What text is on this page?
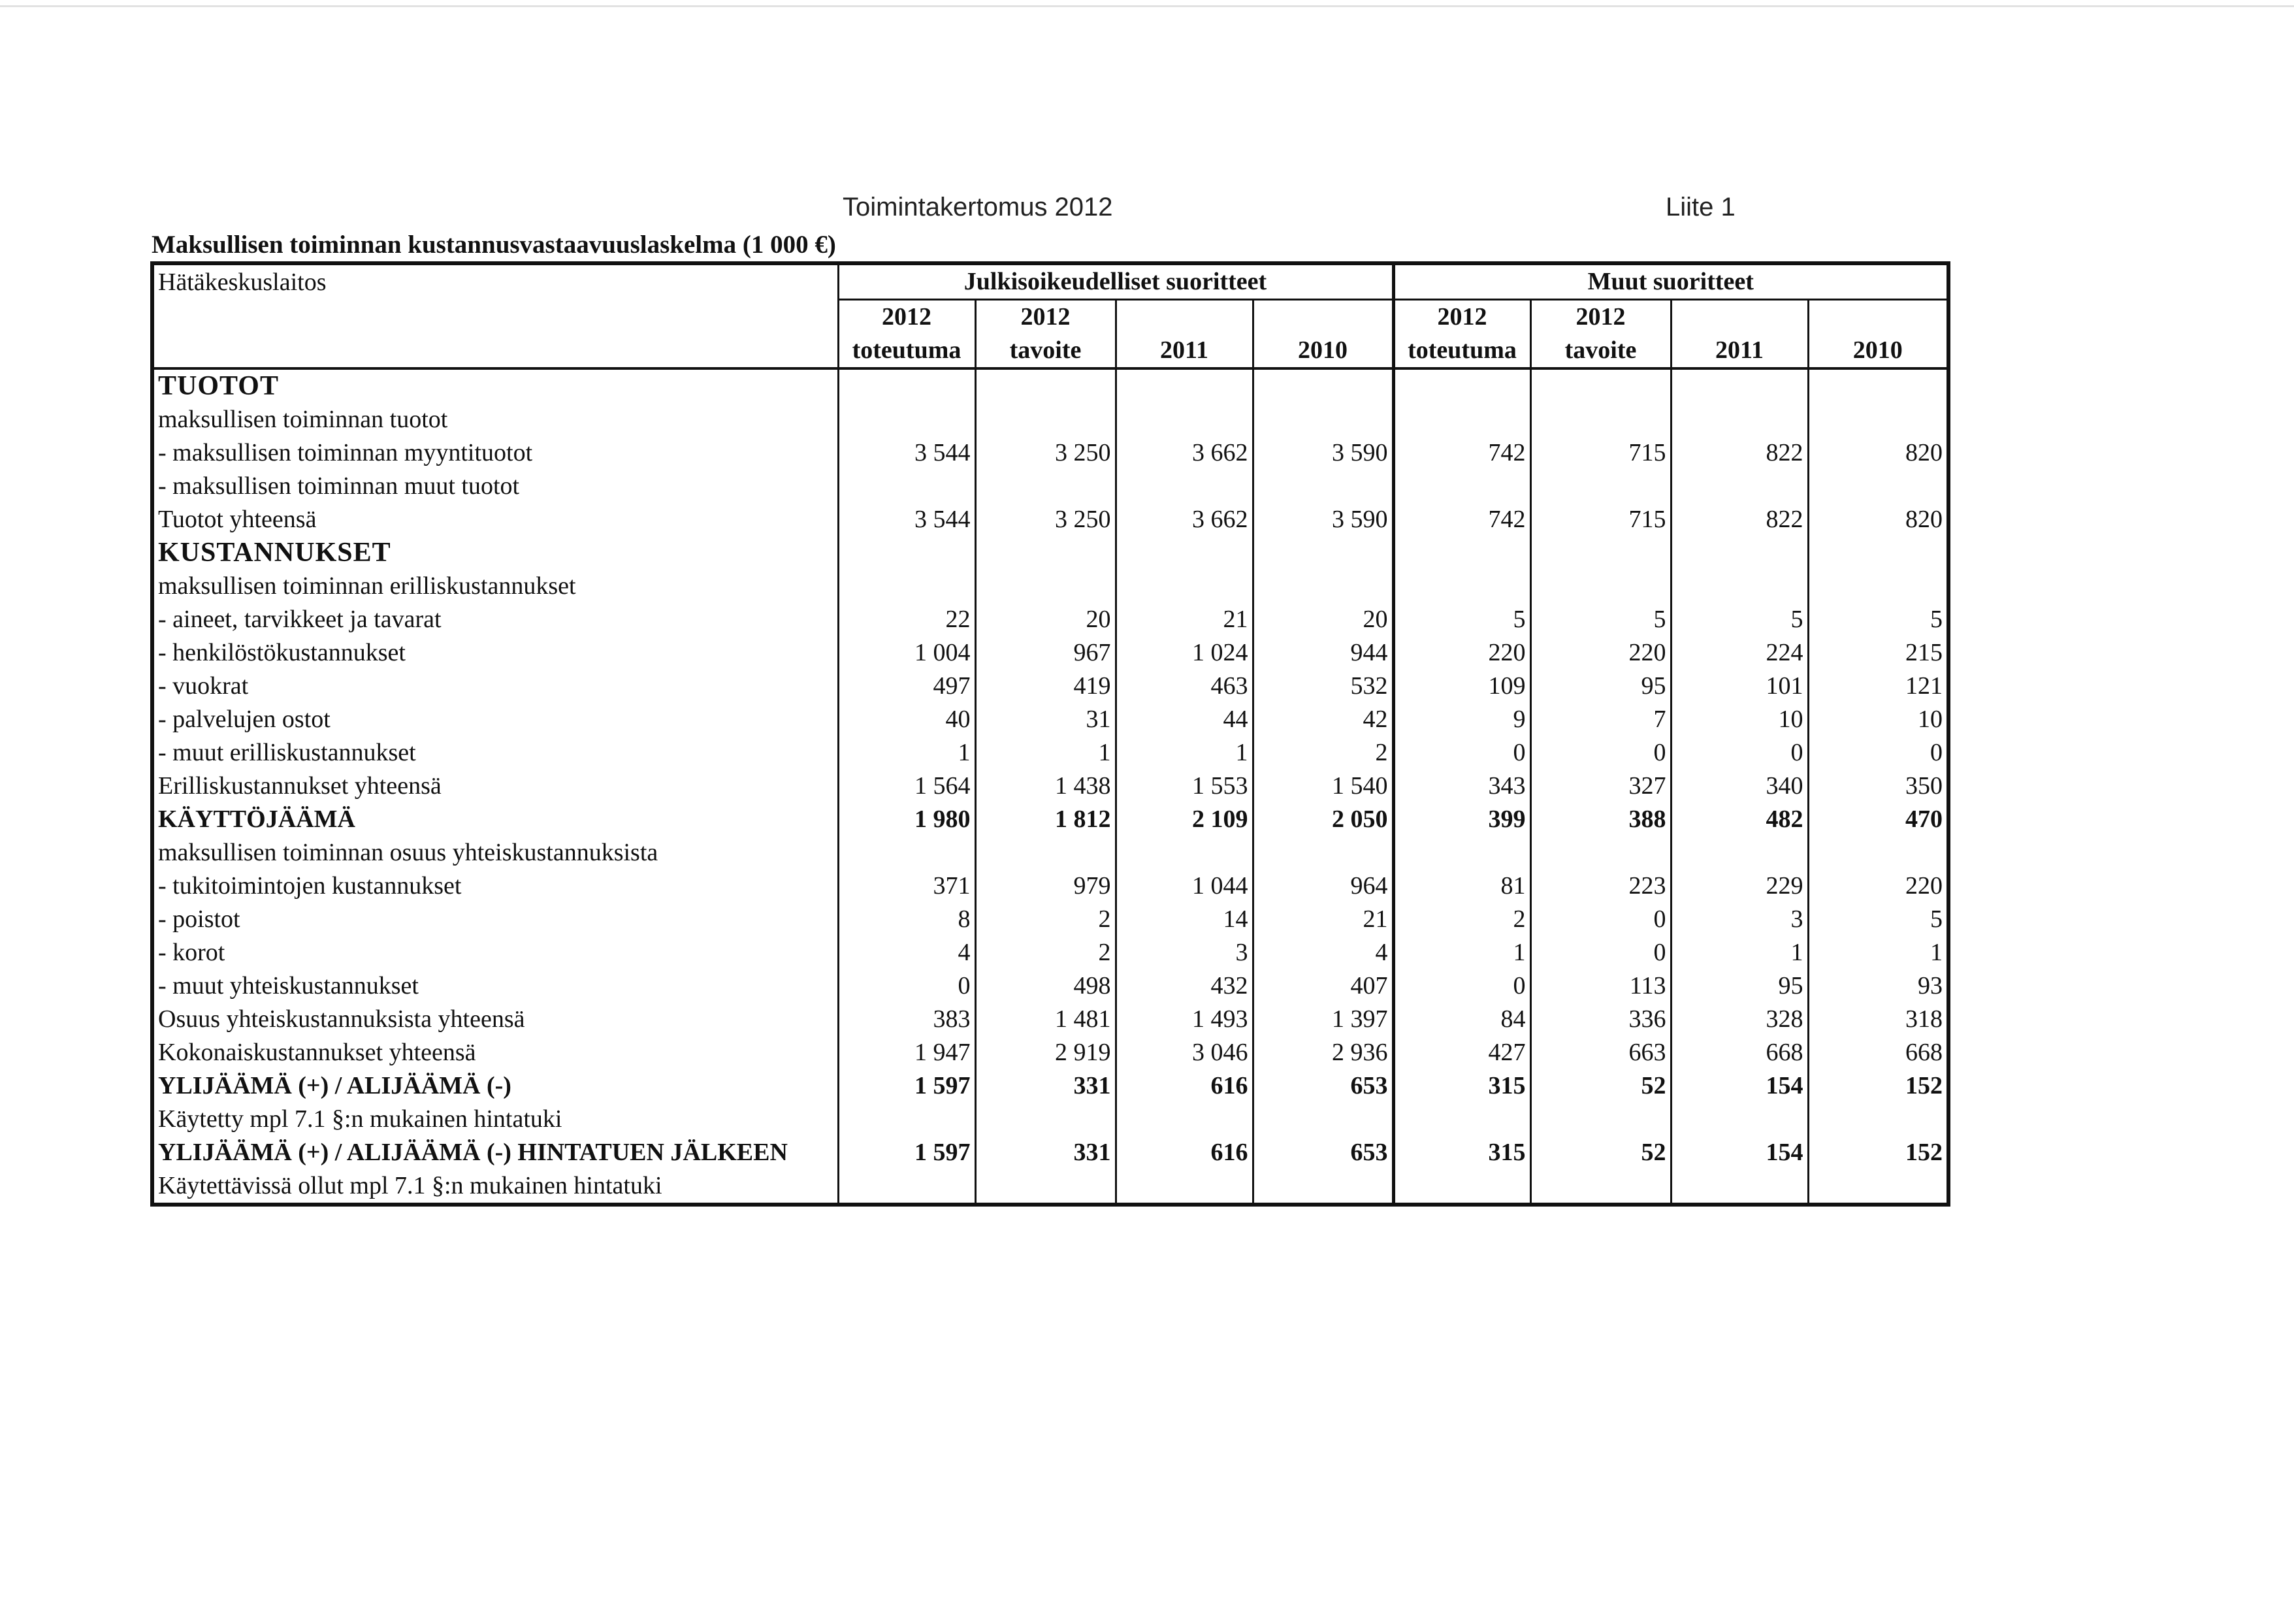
Toimintakertomus 2012	Liite 1
Maksullisen toiminnan kustannusvastaavuuslaskelma (1 000 €)
Hätäkeskuslaitos	Julkisoikeudelliset suoritteet				Muut suoritteet			
	2012	2012			2012	2012		
	toteutuma	tavoite	2011	2010	toteutuma	tavoite	2011	2010
TUOTOT								
maksullisen toiminnan tuotot								
- maksullisen toiminnan myyntituotot	3 544	3 250	3 662	3 590	742	715	822	820
- maksullisen toiminnan muut tuotot								
Tuotot yhteensä	3 544	3 250	3 662	3 590	742	715	822	820
KUSTANNUKSET								
maksullisen toiminnan erilliskustannukset								
- aineet, tarvikkeet ja tavarat	22	20	21	20	5	5	5	5
- henkilöstökustannukset	1 004	967	1 024	944	220	220	224	215
- vuokrat	497	419	463	532	109	95	101	121
- palvelujen ostot	40	31	44	42	9	7	10	10
- muut erilliskustannukset	1	1	1	2	0	0	0	0
Erilliskustannukset yhteensä	1 564	1 438	1 553	1 540	343	327	340	350
KÄYTTÖJÄÄMÄ	1 980	1 812	2 109	2 050	399	388	482	470
maksullisen toiminnan osuus yhteiskustannuksista								
- tukitoimintojen kustannukset	371	979	1 044	964	81	223	229	220
- poistot	8	2	14	21	2	0	3	5
- korot	4	2	3	4	1	0	1	1
- muut yhteiskustannukset	0	498	432	407	0	113	95	93
Osuus yhteiskustannuksista yhteensä	383	1 481	1 493	1 397	84	336	328	318
Kokonaiskustannukset yhteensä	1 947	2 919	3 046	2 936	427	663	668	668
YLIJÄÄMÄ (+) / ALIJÄÄMÄ (-)	1 597	331	616	653	315	52	154	152
Käytetty mpl 7.1 §:n mukainen hintatuki								
YLIJÄÄMÄ (+) / ALIJÄÄMÄ (-) HINTATUEN JÄLKEEN	1 597	331	616	653	315	52	154	152
Käytettävissä ollut mpl 7.1 §:n mukainen hintatuki								
